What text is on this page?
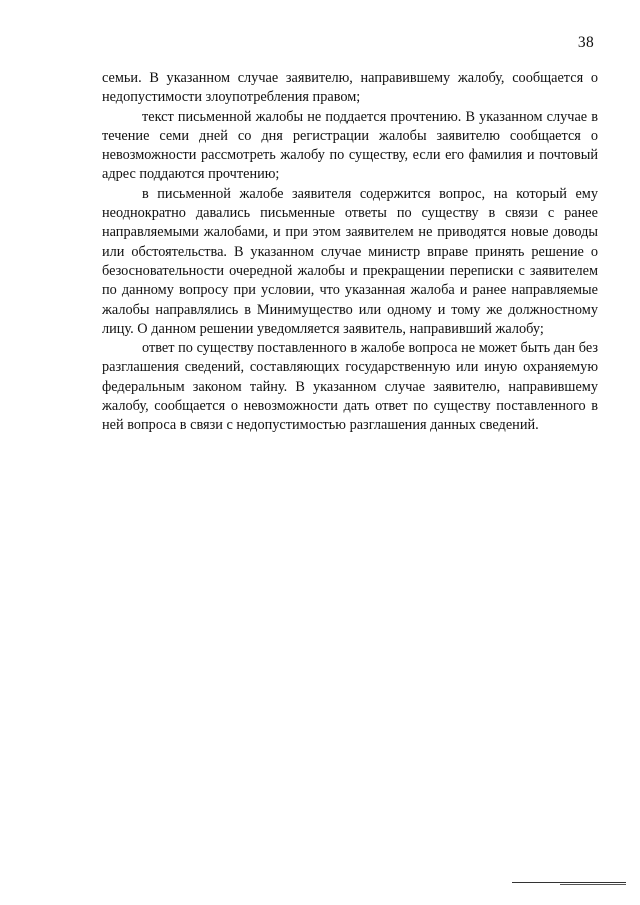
38

семьи. В указанном случае заявителю, направившему жалобу, сообщается о недопустимости злоупотребления правом;

текст письменной жалобы не поддается прочтению. В указанном случае в течение семи дней со дня регистрации жалобы заявителю сообщается о невозможности рассмотреть жалобу по существу, если его фамилия и почтовый адрес поддаются прочтению;

в письменной жалобе заявителя содержится вопрос, на который ему неоднократно давались письменные ответы по существу в связи с ранее направляемыми жалобами, и при этом заявителем не приводятся новые доводы или обстоятельства. В указанном случае министр вправе принять решение о безосновательности очередной жалобы и прекращении переписки с заявителем по данному вопросу при условии, что указанная жалоба и ранее направляемые жалобы направлялись в Минимущество или одному и тому же должностному лицу. О данном решении уведомляется заявитель, направивший жалобу;

ответ по существу поставленного в жалобе вопроса не может быть дан без разглашения сведений, составляющих государственную или иную охраняемую федеральным законом тайну. В указанном случае заявителю, направившему жалобу, сообщается о невозможности дать ответ по существу поставленного в ней вопроса в связи с недопустимостью разглашения данных сведений.
